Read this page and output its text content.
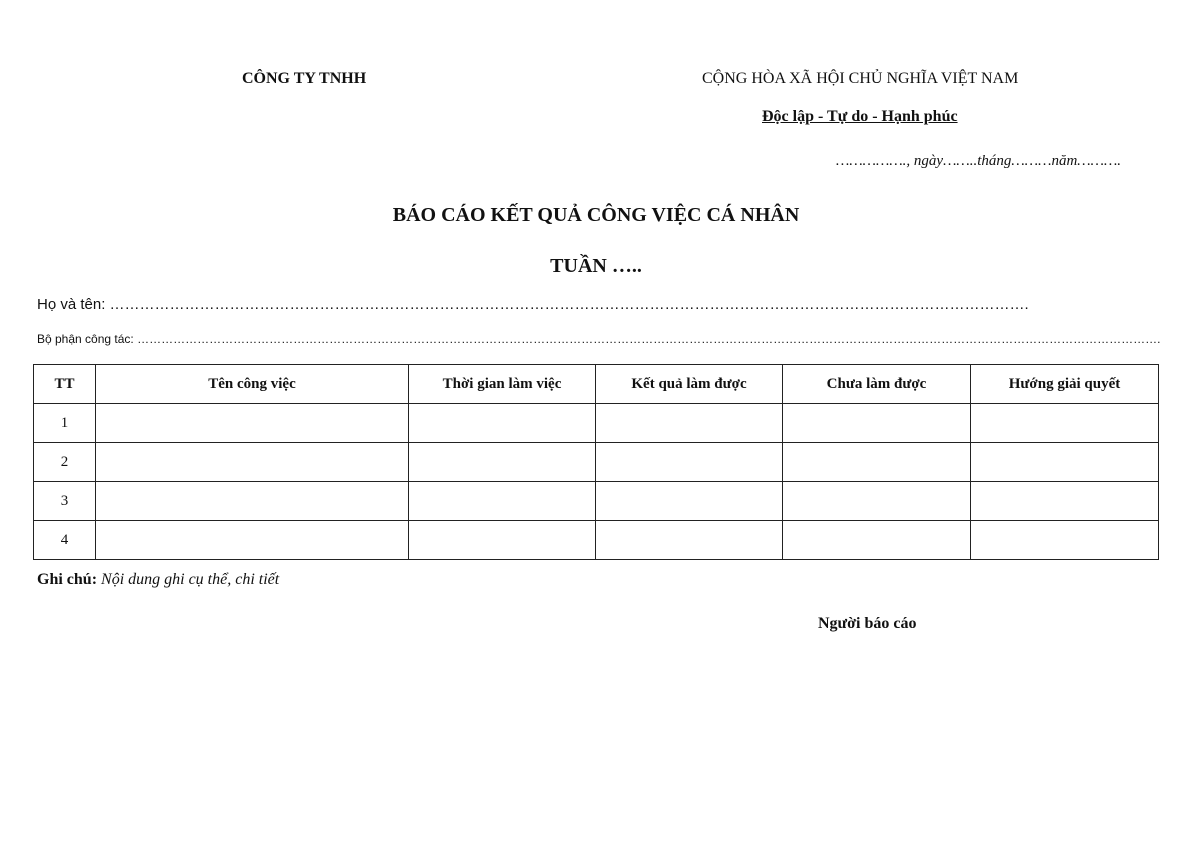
CÔNG TY TNHH	CỘNG HÒA XÃ HỘI CHỦ NGHĨA VIỆT NAM
Độc lập - Tự do - Hạnh phúc
……………., ngày……..tháng………năm……….
BÁO CÁO KẾT QUẢ CÔNG VIỆC CÁ NHÂN
TUẦN …..
Họ và tên: ………………………………………………………………………………………………………………………………………………………………….
Bộ phận công tác: ………………………………………………………………………………………………………………………………………………………………………………………………………………………………….
TT	Tên công việc	Thời gian làm việc	Kết quả làm được	Chưa làm được	Hướng giải quyết
1					
2					
3					
4					
Ghi chú: Nội dung ghi cụ thể, chi tiết
Người báo cáo
